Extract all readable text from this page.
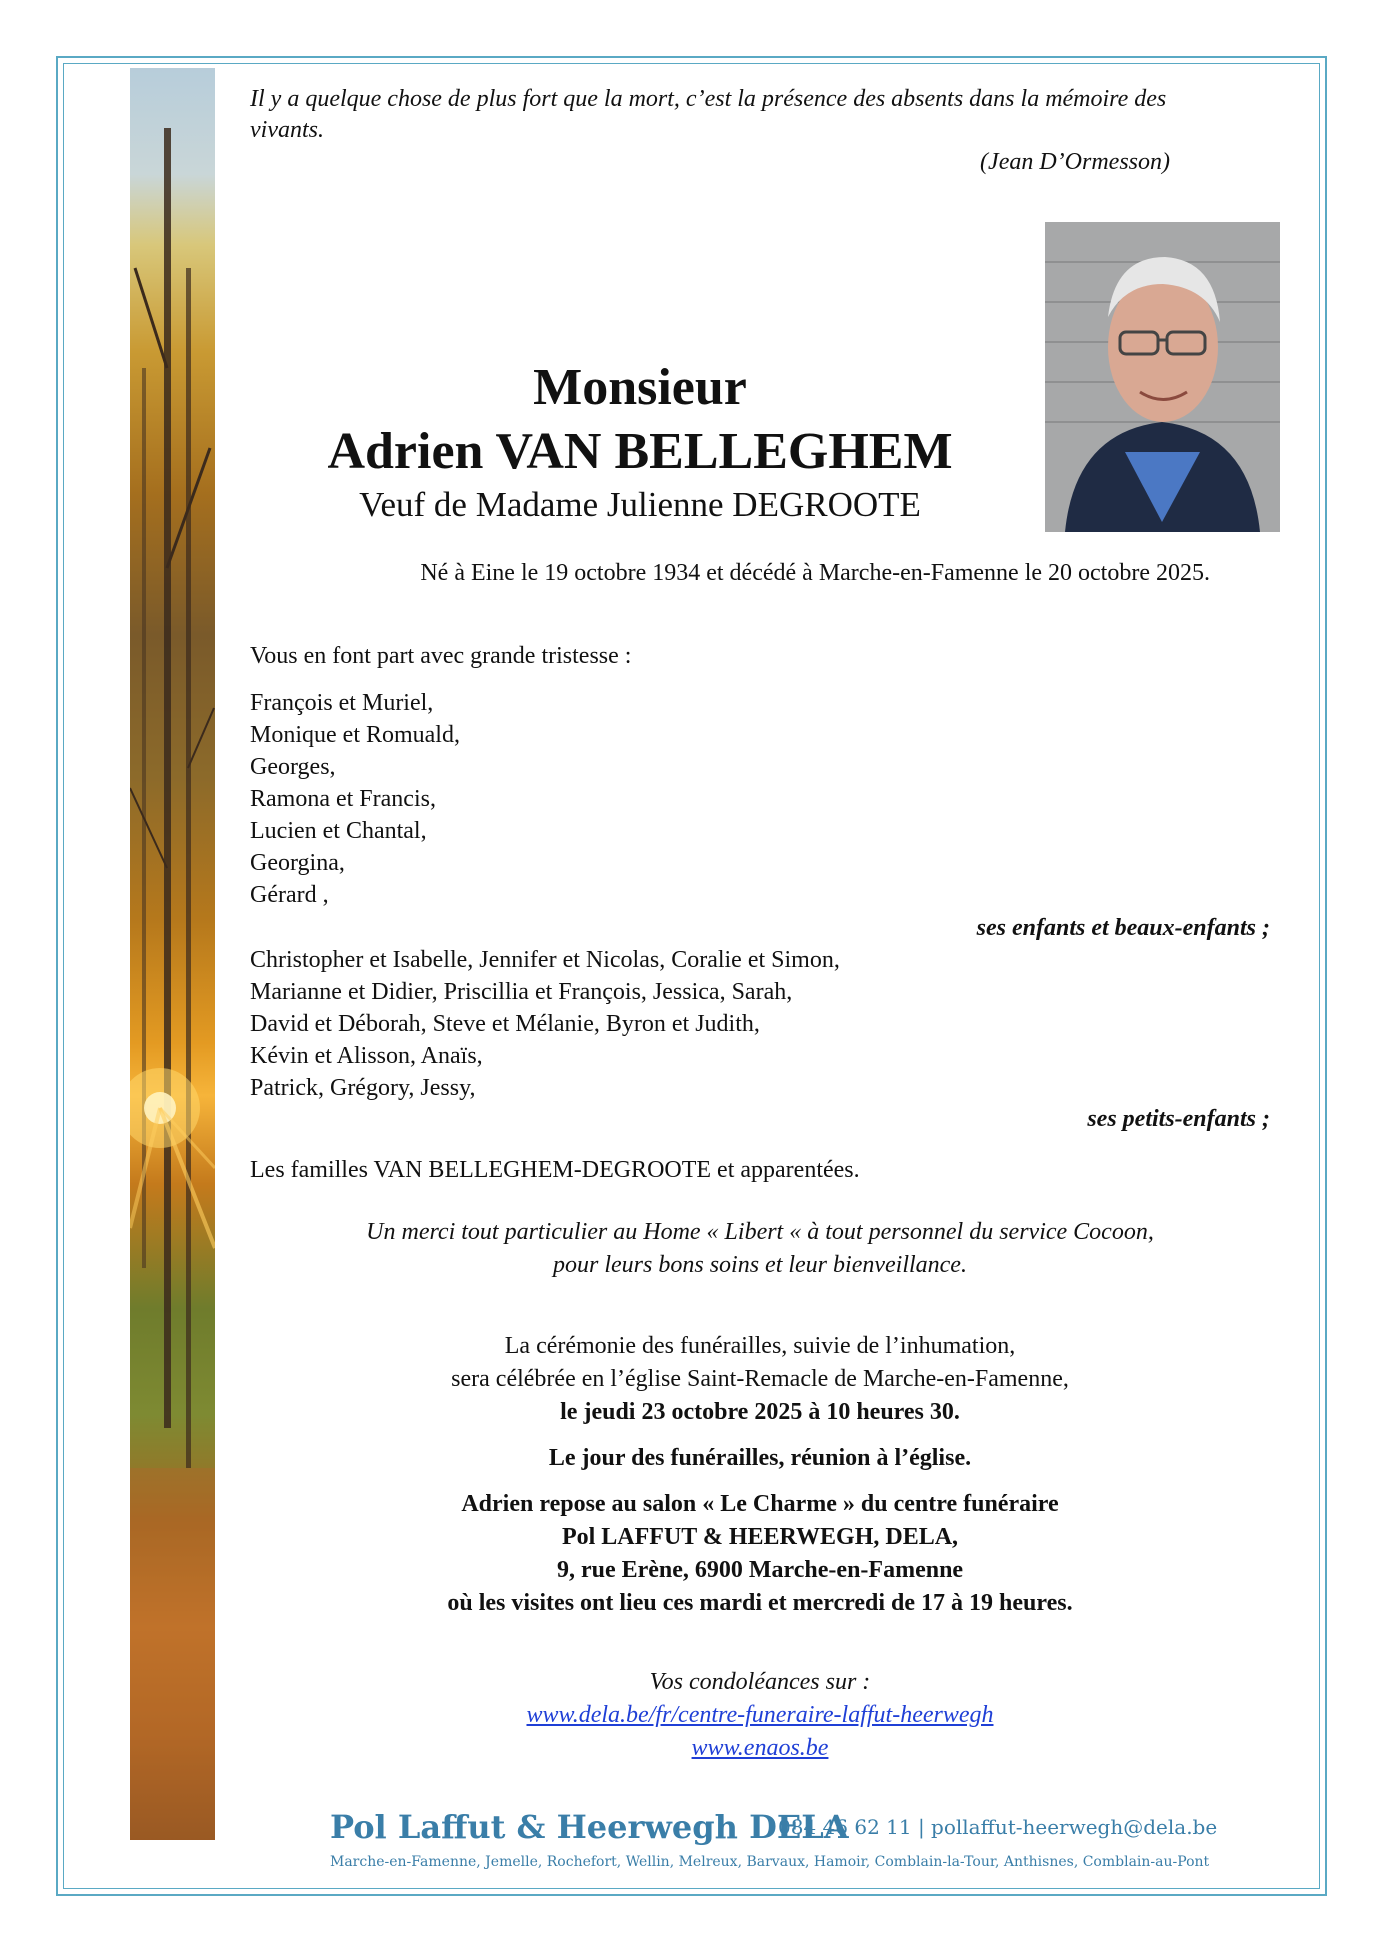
Il y a quelque chose de plus fort que la mort, c’est la présence des absents dans la mémoire des vivants.
(Jean D’Ormesson)
Monsieur
Adrien VAN BELLEGHEM
Veuf de Madame Julienne DEGROOTE
Né à Eine le 19 octobre 1934 et décédé à Marche-en-Famenne le 20 octobre 2025.
Vous en font part avec grande tristesse :
François et Muriel,
Monique et Romuald,
Georges,
Ramona et Francis,
Lucien et Chantal,
Georgina,
Gérard ,
ses enfants et beaux-enfants ;
Christopher et Isabelle, Jennifer et Nicolas, Coralie et Simon,
Marianne et Didier, Priscillia et François, Jessica, Sarah,
David et Déborah, Steve et Mélanie, Byron et Judith,
Kévin et Alisson, Anaïs,
Patrick, Grégory, Jessy,
ses petits-enfants ;
Les familles VAN BELLEGHEM-DEGROOTE et apparentées.
Un merci tout particulier au Home « Libert « à tout personnel du service Cocoon,
pour leurs bons soins et leur bienveillance.
La cérémonie des funérailles, suivie de l’inhumation,
sera célébrée en l’église Saint-Remacle de Marche-en-Famenne,
le jeudi 23 octobre 2025 à 10 heures 30.
Le jour des funérailles, réunion à l’église.
Adrien repose au salon « Le Charme » du centre funéraire
Pol LAFFUT & HEERWEGH, DELA,
9, rue Erène, 6900 Marche-en-Famenne
où les visites ont lieu ces mardi et mercredi de 17 à 19 heures.
Vos condoléances sur :
www.dela.be/fr/centre-funeraire-laffut-heerwegh
www.enaos.be
Pol Laffut & Heerwegh DELA
084 46 62 11 | pollaffut-heerwegh@dela.be
Marche-en-Famenne, Jemelle, Rochefort, Wellin, Melreux, Barvaux, Hamoir, Comblain-la-Tour, Anthisnes, Comblain-au-Pont
